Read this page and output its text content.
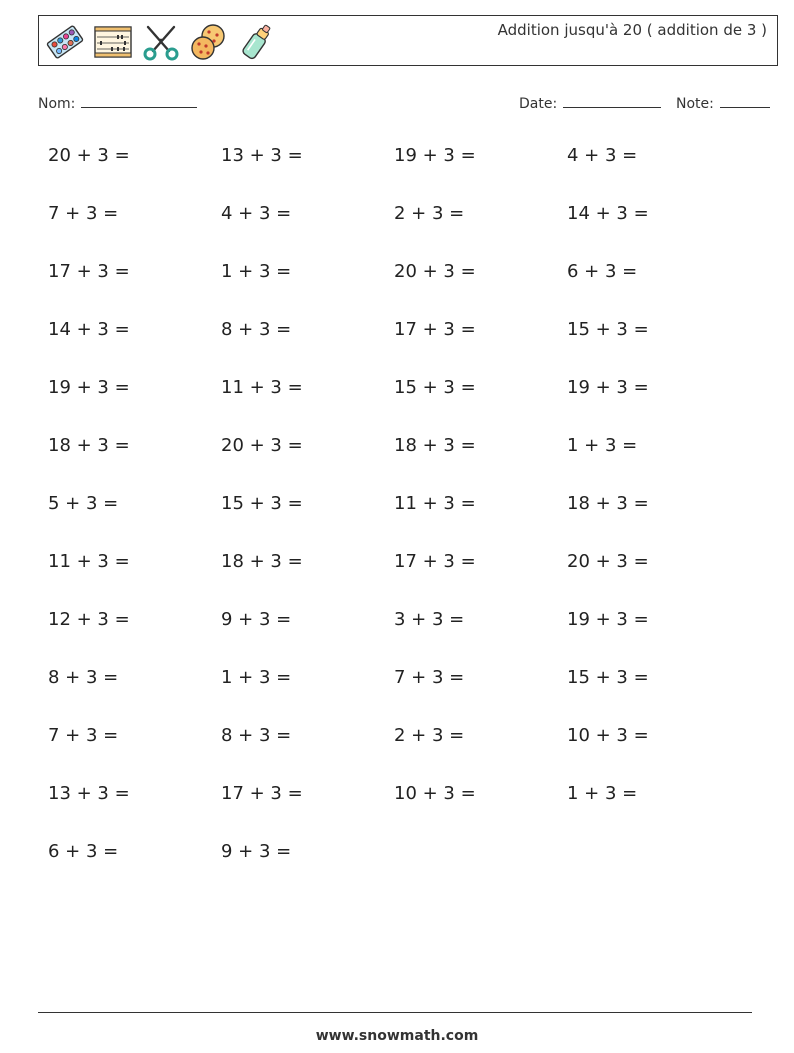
Addition jusqu'à 20 ( addition de 3 )
Nom:	Date:	Note:
20 + 3 =	13 + 3 =	19 + 3 =	4 + 3 =
7 + 3 =	4 + 3 =	2 + 3 =	14 + 3 =
17 + 3 =	1 + 3 =	20 + 3 =	6 + 3 =
14 + 3 =	8 + 3 =	17 + 3 =	15 + 3 =
19 + 3 =	11 + 3 =	15 + 3 =	19 + 3 =
18 + 3 =	20 + 3 =	18 + 3 =	1 + 3 =
5 + 3 =	15 + 3 =	11 + 3 =	18 + 3 =
11 + 3 =	18 + 3 =	17 + 3 =	20 + 3 =
12 + 3 =	9 + 3 =	3 + 3 =	19 + 3 =
8 + 3 =	1 + 3 =	7 + 3 =	15 + 3 =
7 + 3 =	8 + 3 =	2 + 3 =	10 + 3 =
13 + 3 =	17 + 3 =	10 + 3 =	1 + 3 =
6 + 3 =	9 + 3 =
www.snowmath.com
